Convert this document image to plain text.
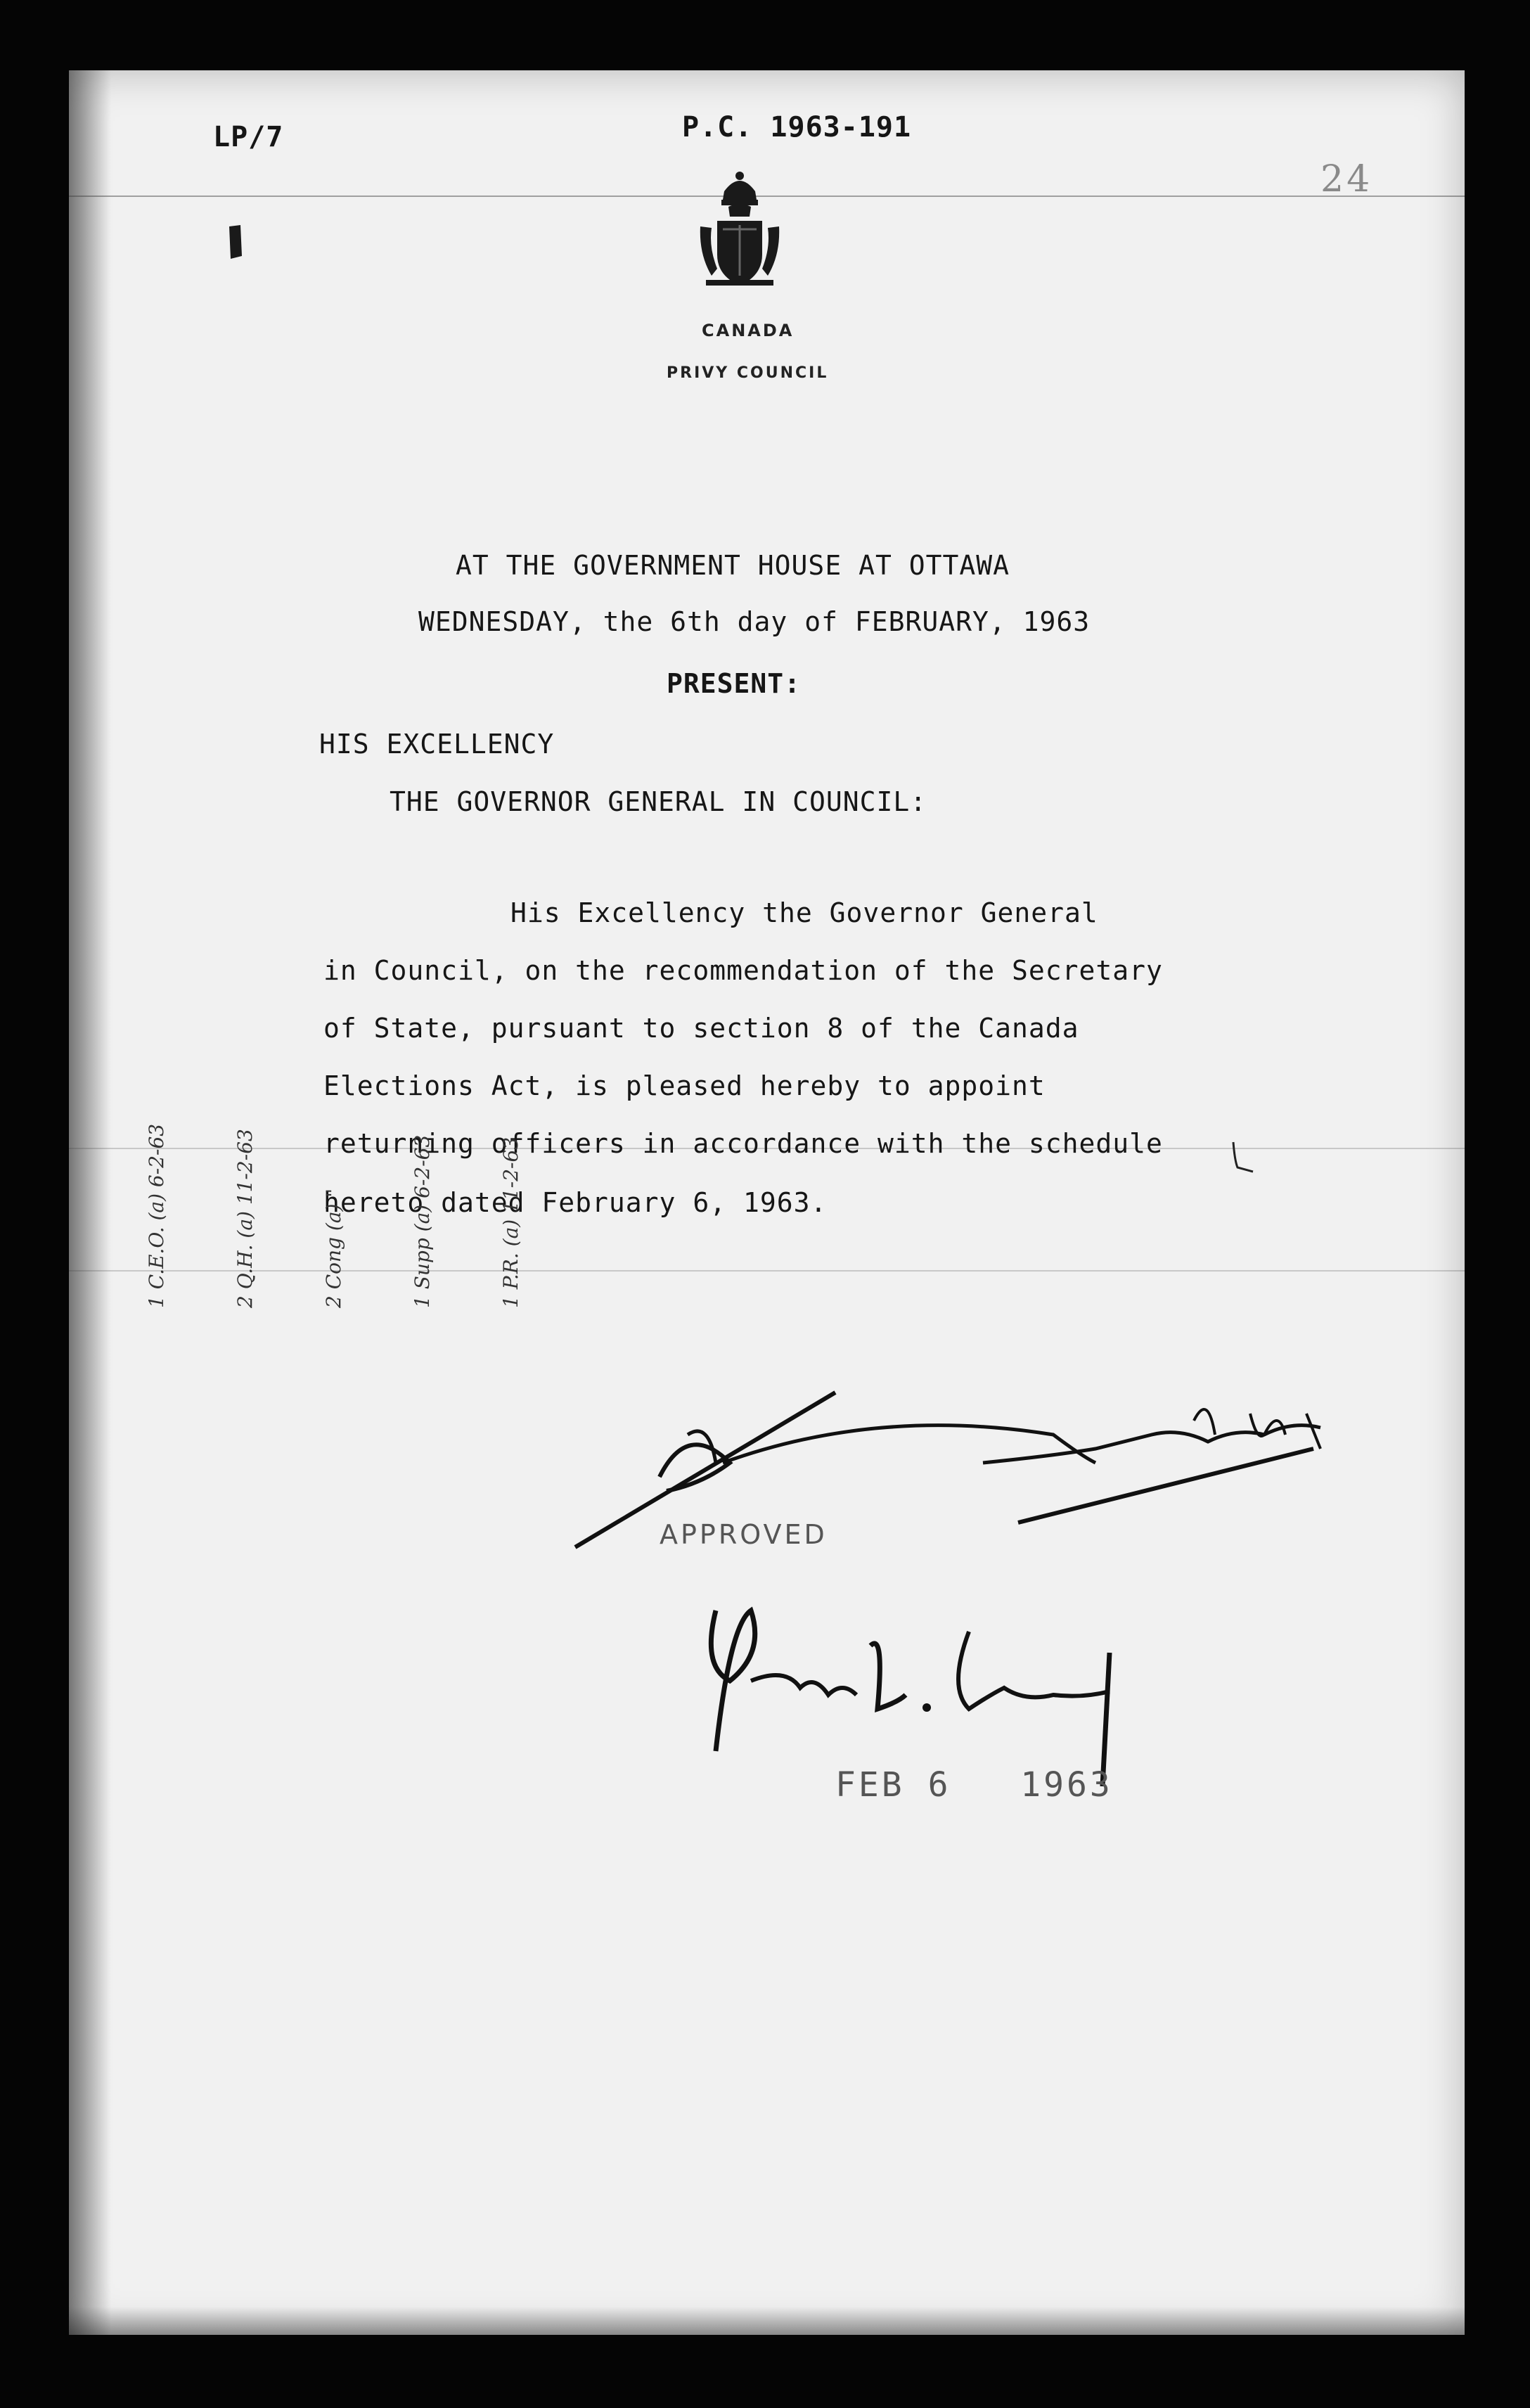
LP/7	P.C. 1963-191
24
CANADA
PRIVY COUNCIL
AT THE GOVERNMENT HOUSE AT OTTAWA
WEDNESDAY, the 6th day of FEBRUARY, 1963
PRESENT:
HIS EXCELLENCY
THE GOVERNOR GENERAL IN COUNCIL:
His Excellency the Governor General
in Council, on the recommendation of the Secretary
of State, pursuant to section 8 of the Canada
Elections Act, is pleased hereby to appoint
returning officers in accordance with the schedule
hereto dated February 6, 1963.

1 C.E.O. (a) 6-2-63

	2 Q.H. (a) 11-2-63

	2 Cong (a) "

	1 Supp (a) 6-2-63

	1 P.R. (a) 11-2-63

APPROVED
FEB 6   1963
